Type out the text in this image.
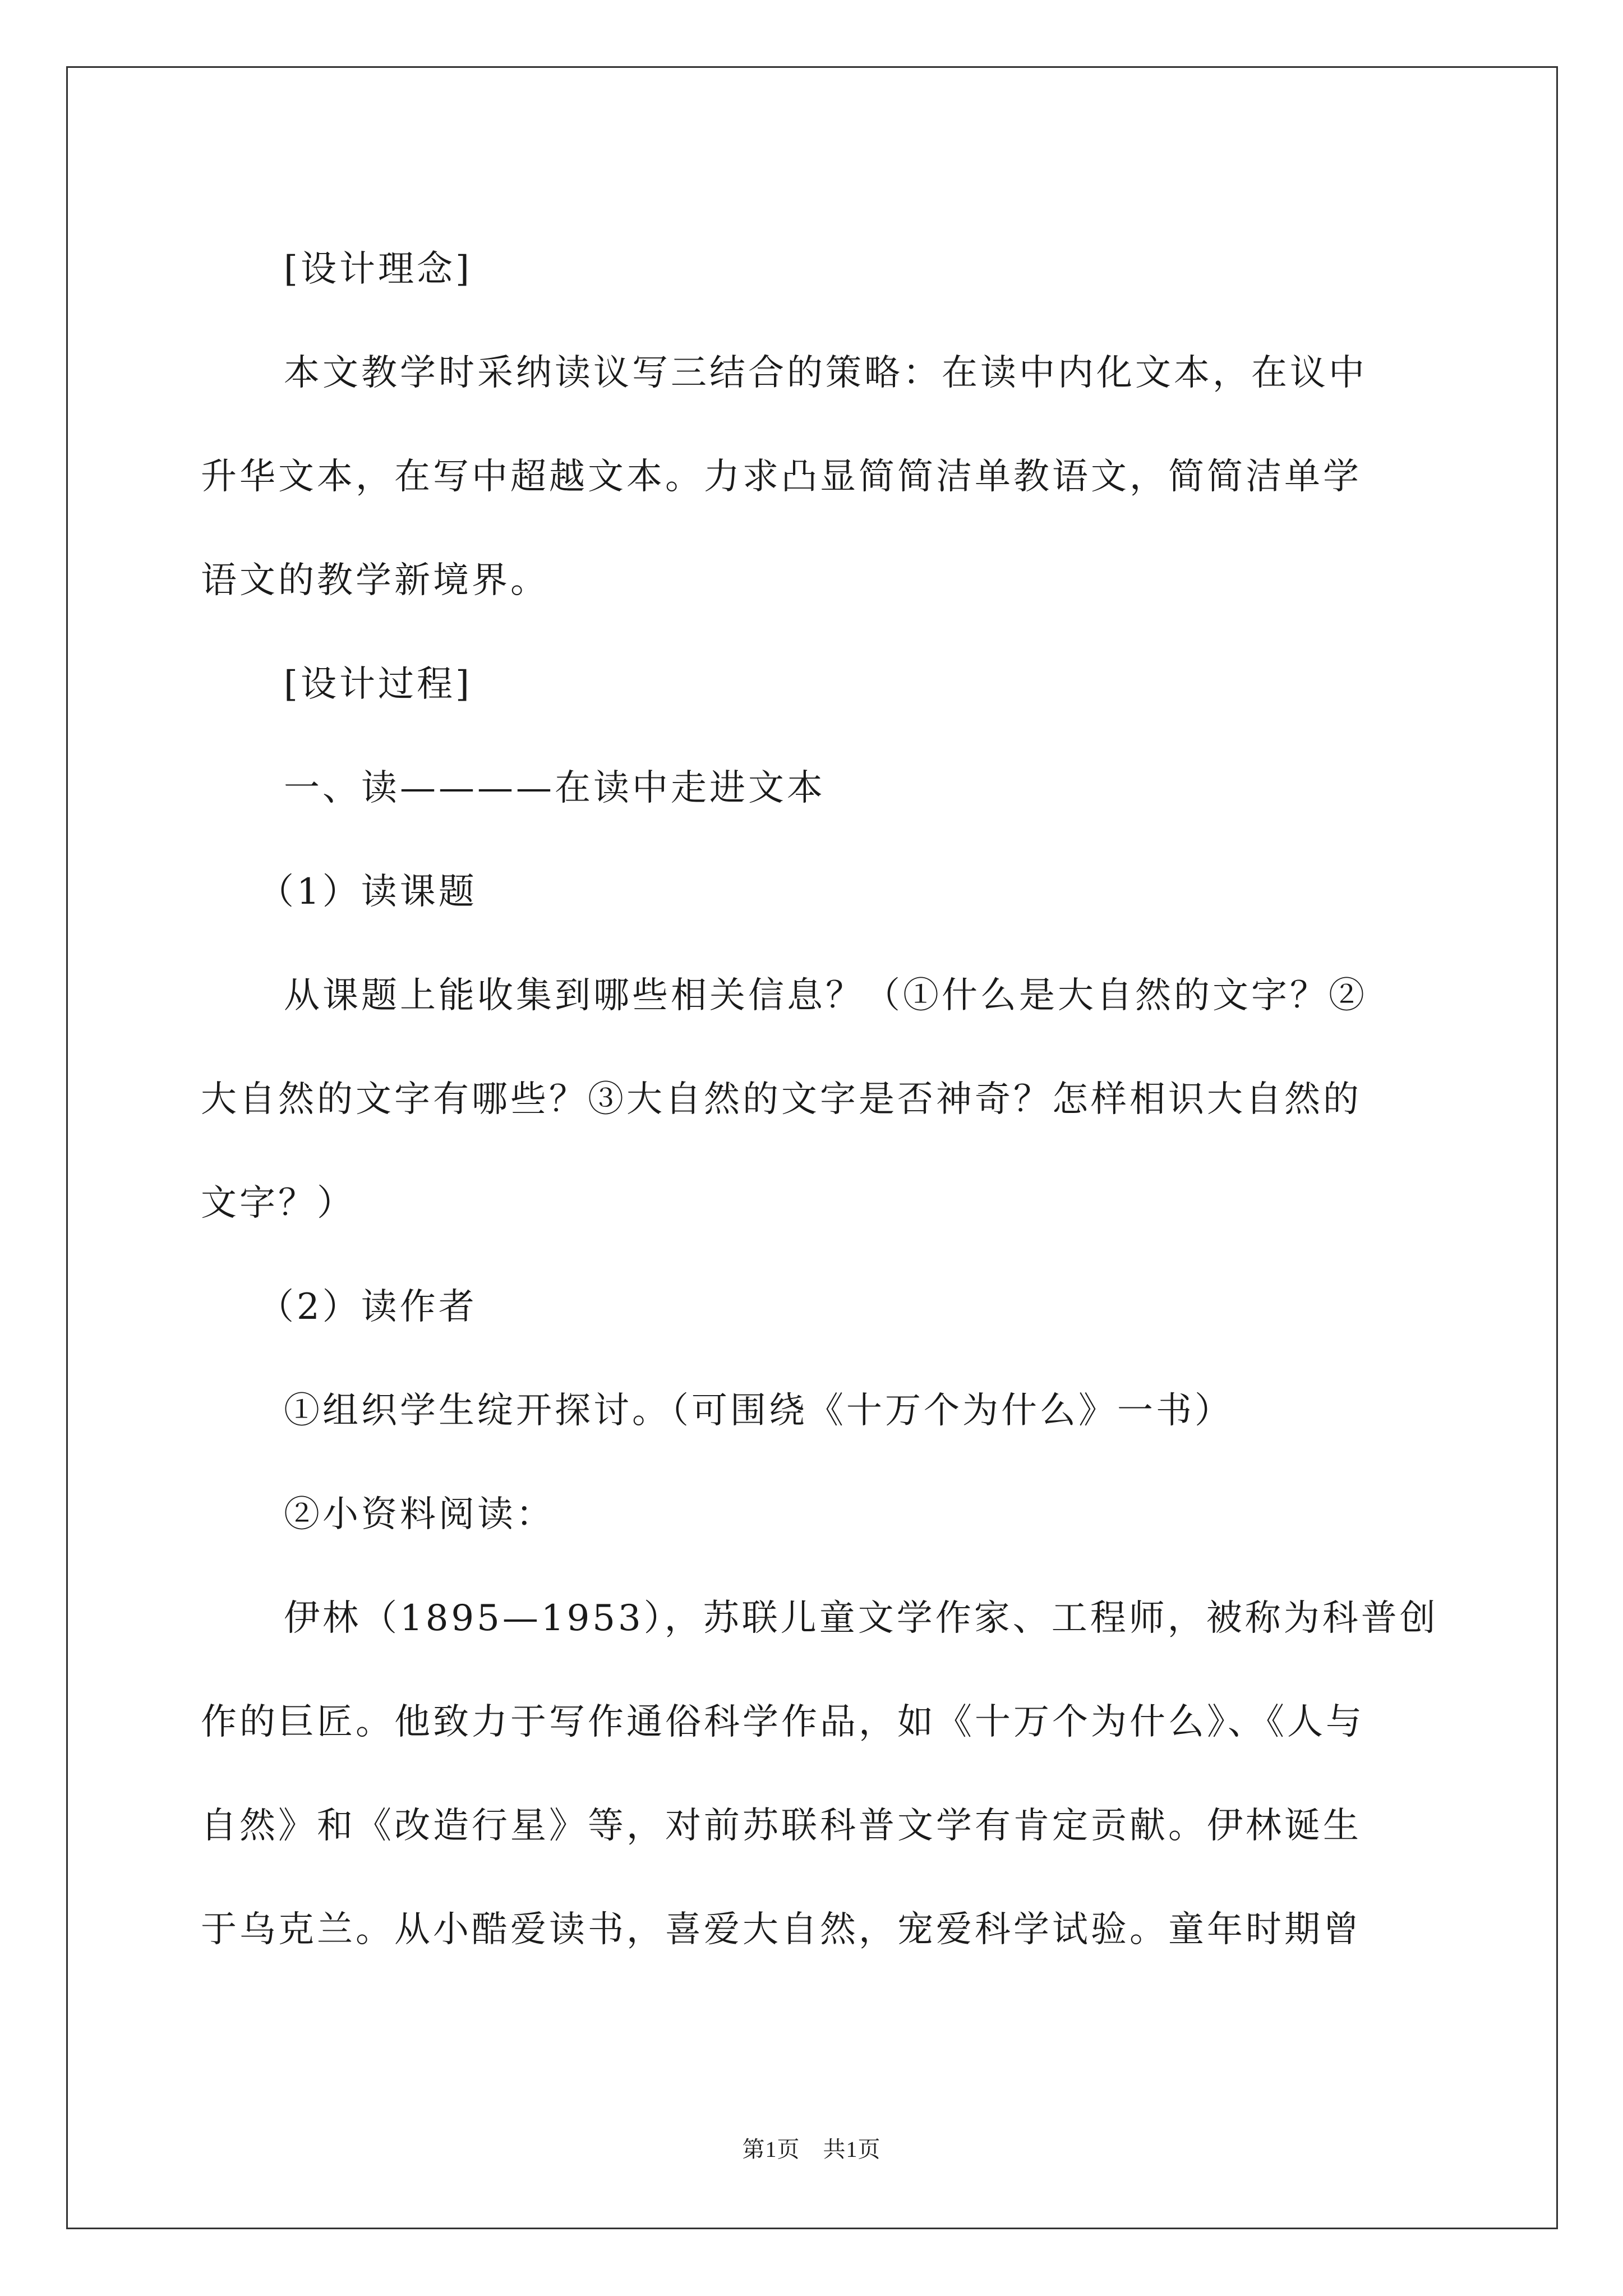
[设计理念]
本文教学时采纳读议写三结合的策略：在读中内化文本，在议中
升华文本，在写中超越文本。力求凸显简简洁单教语文，简简洁单学
语文的教学新境界。
[设计过程]
一、读————在读中走进文本
（1）读课题
从课题上能收集到哪些相关信息？（①什么是大自然的文字？②
大自然的文字有哪些？③大自然的文字是否神奇？怎样相识大自然的
文字？）
（2）读作者
①组织学生绽开探讨。（可围绕《十万个为什么》一书）
②小资料阅读：
伊林（1895—1953），苏联儿童文学作家、工程师，被称为科普创
作的巨匠。他致力于写作通俗科学作品，如《十万个为什么》、《人与
自然》和《改造行星》等，对前苏联科普文学有肯定贡献。伊林诞生
于乌克兰。从小酷爱读书，喜爱大自然，宠爱科学试验。童年时期曾
第1页　共1页
